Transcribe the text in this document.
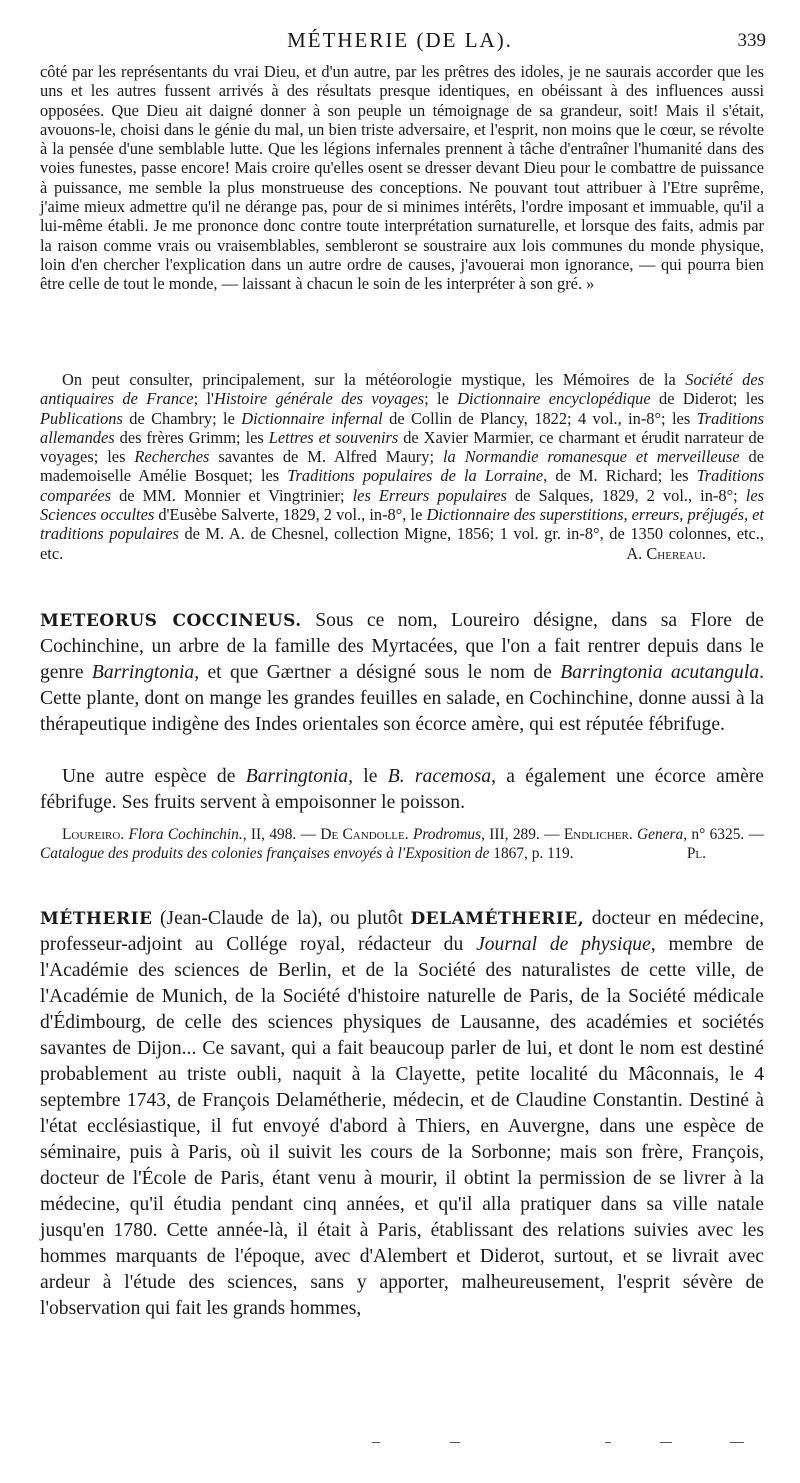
MÉTHERIE (DE LA).	339

côté par les représentants du vrai Dieu, et d'un autre, par les prêtres des idoles, je ne saurais accorder que les uns et les autres fussent arrivés à des résultats presque identiques, en obéissant à des influences aussi opposées. Que Dieu ait daigné donner à son peuple un témoignage de sa grandeur, soit! Mais il s'était, avouons-le, choisi dans le génie du mal, un bien triste adversaire, et l'esprit, non moins que le cœur, se révolte à la pensée d'une semblable lutte. Que les légions infernales prennent à tâche d'entraîner l'humanité dans des voies funestes, passe encore! Mais croire qu'elles osent se dresser devant Dieu pour le combattre de puissance à puissance, me semble la plus monstrueuse des conceptions. Ne pouvant tout attribuer à l'Etre suprême, j'aime mieux admettre qu'il ne dérange pas, pour de si minimes intérêts, l'ordre imposant et immuable, qu'il a lui-même établi. Je me prononce donc contre toute interprétation surnaturelle, et lorsque des faits, admis par la raison comme vrais ou vraisemblables, sembleront se soustraire aux lois communes du monde physique, loin d'en chercher l'explication dans un autre ordre de causes, j'avouerai mon ignorance, — qui pourra bien être celle de tout le monde, — laissant à chacun le soin de les interpréter à son gré. »

On peut consulter, principalement, sur la météorologie mystique, les Mémoires de la Société des antiquaires de France; l'Histoire générale des voyages; le Dictionnaire encyclopédique de Diderot; les Publications de Chambry; le Dictionnaire infernal de Collin de Plancy, 1822; 4 vol., in-8°; les Traditions allemandes des frères Grimm; les Lettres et souvenirs de Xavier Marmier, ce charmant et érudit narrateur de voyages; les Recherches savantes de M. Alfred Maury; la Normandie romanesque et merveilleuse de mademoiselle Amélie Bosquet; les Traditions populaires de la Lorraine, de M. Richard; les Traditions comparées de MM. Monnier et Vingtrinier; les Erreurs populaires de Salques, 1829, 2 vol., in-8°; les Sciences occultes d'Eusèbe Salverte, 1829, 2 vol., in-8°, le Dictionnaire des superstitions, erreurs, préjugés, et traditions populaires de M. A. de Chesnel, collection Migne, 1856; 1 vol. gr. in-8°, de 1350 colonnes, etc., etc.	A. Chereau.

METEORUS COCCINEUS. Sous ce nom, Loureiro désigne, dans sa Flore de Cochinchine, un arbre de la famille des Myrtacées, que l'on a fait rentrer depuis dans le genre Barringtonia, et que Gærtner a désigné sous le nom de Barringtonia acutangula. Cette plante, dont on mange les grandes feuilles en salade, en Cochinchine, donne aussi à la thérapeutique indigène des Indes orientales son écorce amère, qui est réputée fébrifuge.

Une autre espèce de Barringtonia, le B. racemosa, a également une écorce amère fébrifuge. Ses fruits servent à empoisonner le poisson.

Loureiro. Flora Cochinchin., II, 498. — De Candolle. Prodromus, III, 289. — Endlicher. Genera, n° 6325. — Catalogue des produits des colonies françaises envoyés à l'Exposition de 1867, p. 119.	Pl.

MÉTHERIE (Jean-Claude de la), ou plutôt DELAMÉTHERIE, docteur en médecine, professeur-adjoint au Collége royal, rédacteur du Journal de physique, membre de l'Académie des sciences de Berlin, et de la Société des naturalistes de cette ville, de l'Académie de Munich, de la Société d'histoire naturelle de Paris, de la Société médicale d'Édimbourg, de celle des sciences physiques de Lausanne, des académies et sociétés savantes de Dijon... Ce savant, qui a fait beaucoup parler de lui, et dont le nom est destiné probablement au triste oubli, naquit à la Clayette, petite localité du Mâconnais, le 4 septembre 1743, de François Delamétherie, médecin, et de Claudine Constantin. Destiné à l'état ecclésiastique, il fut envoyé d'abord à Thiers, en Auvergne, dans une espèce de séminaire, puis à Paris, où il suivit les cours de la Sorbonne; mais son frère, François, docteur de l'École de Paris, étant venu à mourir, il obtint la permission de se livrer à la médecine, qu'il étudia pendant cinq années, et qu'il alla pratiquer dans sa ville natale jusqu'en 1780. Cette année-là, il était à Paris, établissant des relations suivies avec les hommes marquants de l'époque, avec d'Alembert et Diderot, surtout, et se livrait avec ardeur à l'étude des sciences, sans y apporter, malheureusement, l'esprit sévère de l'observation qui fait les grands hommes,
